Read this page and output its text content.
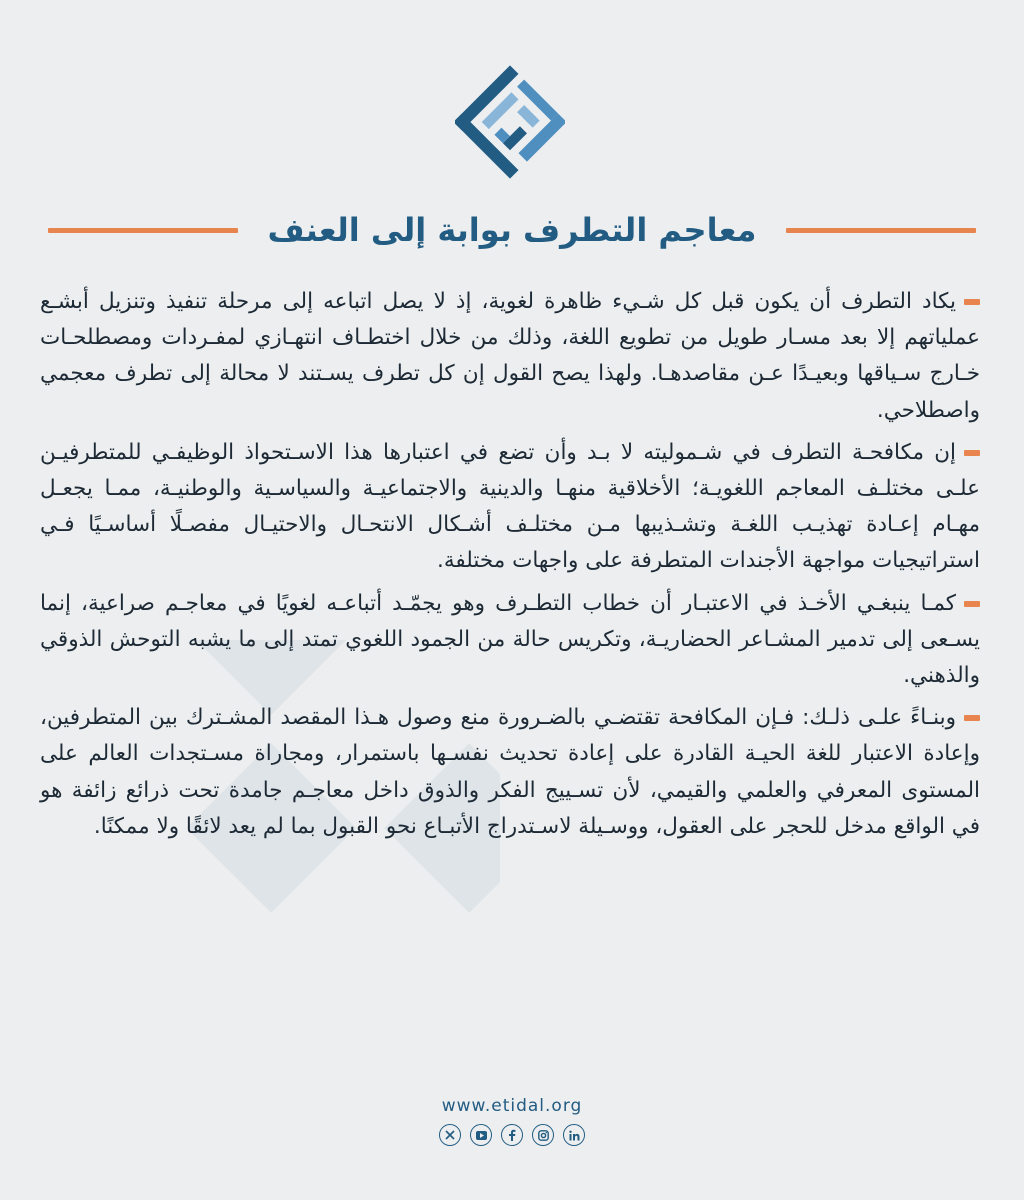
معاجم التطرف بوابة إلى العنف

يكاد التطرف أن يكون قبل كل شـيء ظاهرة لغوية، إذ لا يصل اتباعه إلى مرحلة تنفيذ وتنزيل أبشـع عملياتهم إلا بعد مسـار طويل من تطويع اللغة، وذلك من خلال اختطـاف انتهـازي لمفـردات ومصطلحـات خـارج سـياقها وبعيـدًا عـن مقاصدهـا. ولهذا يصح القول إن كل تطرف يسـتند لا محالة إلى تطرف معجمي واصطلاحي.

إن مكافحـة التطرف في شـموليته لا بـد وأن تضع في اعتبارها هذا الاسـتحواذ الوظيفـي للمتطرفيـن علـى مختلـف المعاجم اللغويـة؛ الأخلاقية منهـا والدينية والاجتماعيـة والسياسـية والوطنيـة، ممـا يجعـل مهـام إعـادة تهذيـب اللغـة وتشـذيبها مـن مختلـف أشـكال الانتحـال والاحتيـال مفصـلًا أساسـيًا فـي استراتيجيات مواجهة الأجندات المتطرفة على واجهات مختلفة.

كمـا ينبغـي الأخـذ في الاعتبـار أن خطاب التطـرف وهو يجمّـد أتباعـه لغويًا في معاجـم صراعية، إنما يسـعى إلى تدمير المشـاعر الحضاريـة، وتكريس حالة من الجمود اللغوي تمتد إلى ما يشبه التوحش الذوقي والذهني.

وبنـاءً علـى ذلـك: فـإن المكافحة تقتضـي بالضـرورة منع وصول هـذا المقصد المشـترك بين المتطرفين، وإعادة الاعتبار للغة الحيـة القادرة على إعادة تحديث نفسـها باستمرار، ومجاراة مسـتجدات العالم على المستوى المعرفي والعلمي والقيمي، لأن تسـييج الفكر والذوق داخل معاجـم جامدة تحت ذرائع زائفة هو في الواقع مدخل للحجر على العقول، ووسـيلة لاسـتدراج الأتبـاع نحو القبول بما لم يعد لائقًا ولا ممكنًا.

www.etidal.org
